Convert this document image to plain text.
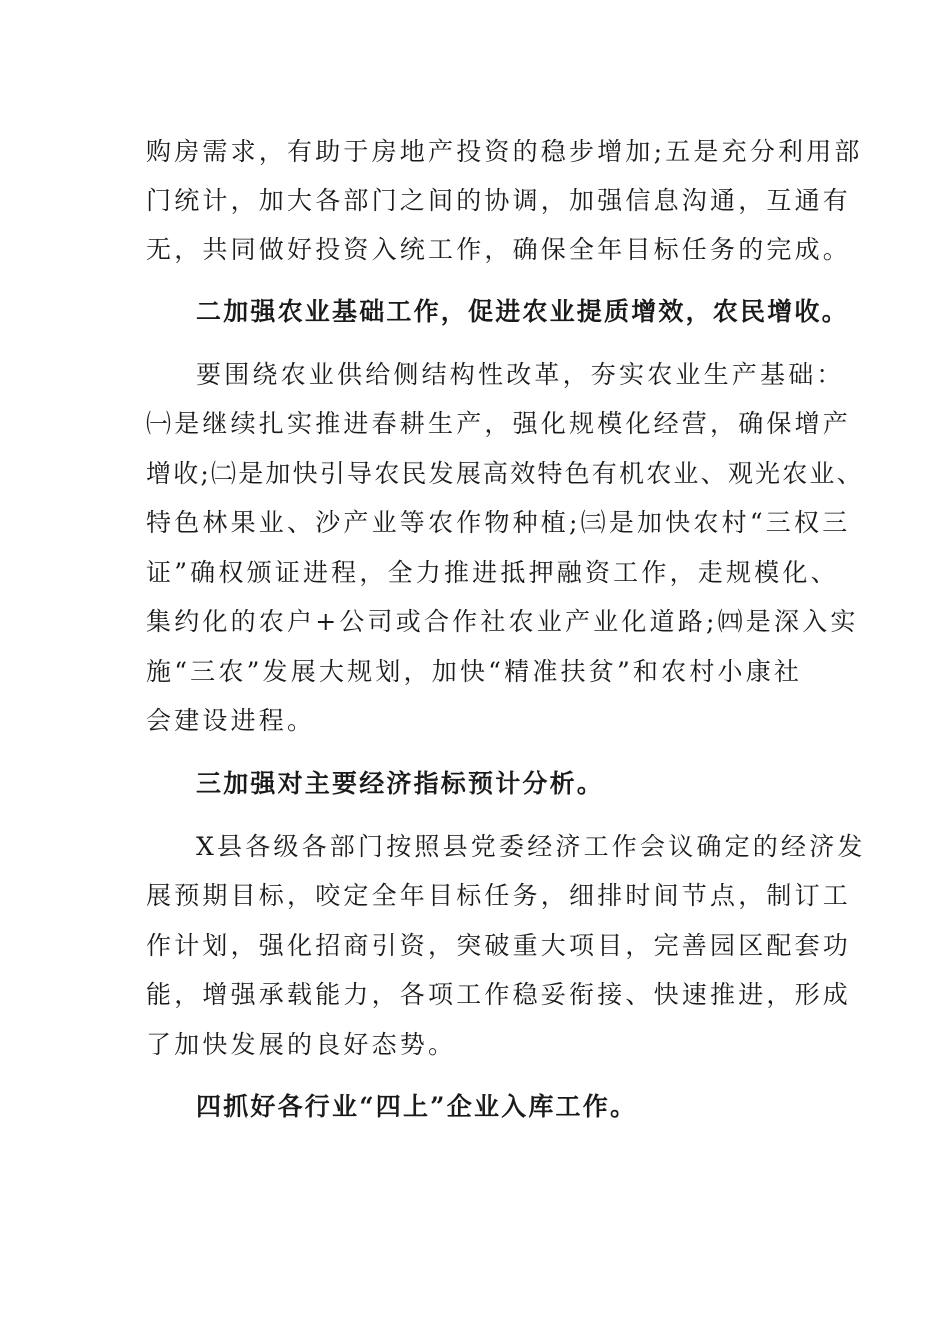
购房需求，有助于房地产投资的稳步增加;五是充分利用部
门统计，加大各部门之间的协调，加强信息沟通，互通有
无，共同做好投资入统工作，确保全年目标任务的完成。
二加强农业基础工作，促进农业提质增效，农民增收。
要围绕农业供给侧结构性改革，夯实农业生产基础：
㈠是继续扎实推进春耕生产，强化规模化经营，确保增产
增收;㈡是加快引导农民发展高效特色有机农业、观光农业、
特色林果业、沙产业等农作物种植;㈢是加快农村“三权三
证”确权颁证进程，全力推进抵押融资工作，走规模化、
集约化的农户+公司或合作社农业产业化道路;㈣是深入实
施“三农”发展大规划，加快“精准扶贫”和农村小康社
会建设进程。
三加强对主要经济指标预计分析。
X县各级各部门按照县党委经济工作会议确定的经济发
展预期目标，咬定全年目标任务，细排时间节点，制订工
作计划，强化招商引资，突破重大项目，完善园区配套功
能，增强承载能力，各项工作稳妥衔接、快速推进，形成
了加快发展的良好态势。
四抓好各行业“四上”企业入库工作。
